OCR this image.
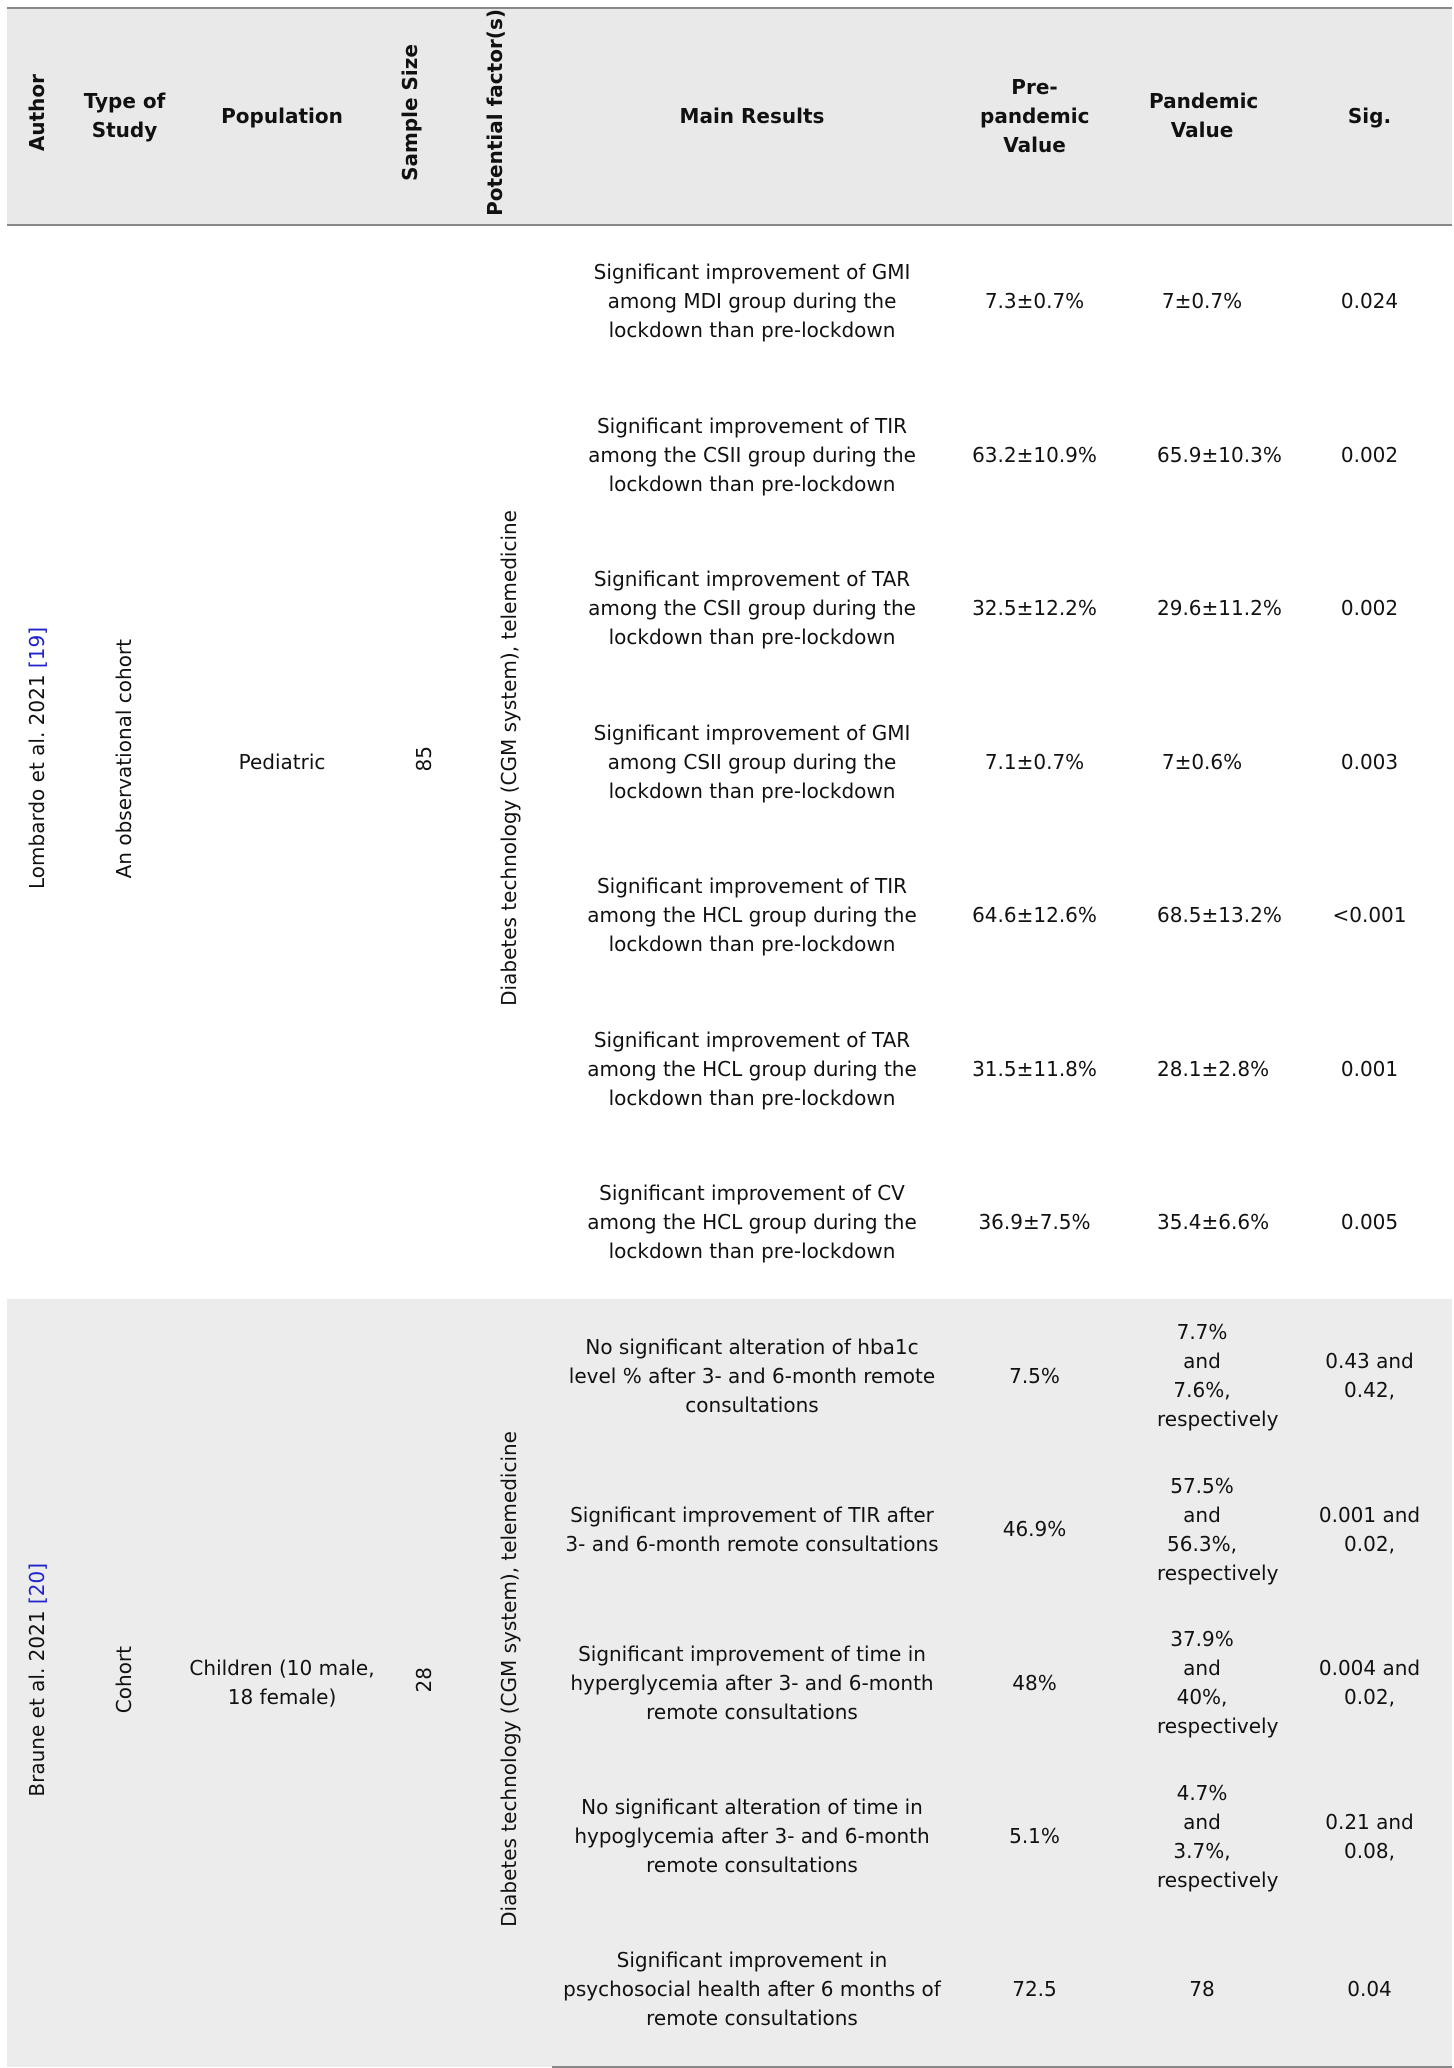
Author	Type of Study	Population	Sample Size	Potential factor(s)	Main Results	Pre-pandemic Value	Pandemic Value	Sig.
Lombardo et al. 2021 [19]	An observational cohort	Pediatric	85	Diabetes technology (CGM system), telemedicine	Significant improvement of GMI among MDI group during the lockdown than pre-lockdown	7.3±0.7%	7±0.7%	0.024
					Significant improvement of TIR among the CSII group during the lockdown than pre-lockdown	63.2±10.9%	65.9±10.3%	0.002
					Significant improvement of TAR among the CSII group during the lockdown than pre-lockdown	32.5±12.2%	29.6±11.2%	0.002
					Significant improvement of GMI among CSII group during the lockdown than pre-lockdown	7.1±0.7%	7±0.6%	0.003
					Significant improvement of TIR among the HCL group during the lockdown than pre-lockdown	64.6±12.6%	68.5±13.2%	<0.001
					Significant improvement of TAR among the HCL group during the lockdown than pre-lockdown	31.5±11.8%	28.1±2.8%	0.001
					Significant improvement of CV among the HCL group during the lockdown than pre-lockdown	36.9±7.5%	35.4±6.6%	0.005
Braune et al. 2021 [20]	Cohort	Children (10 male, 18 female)	28	Diabetes technology (CGM system), telemedicine	No significant alteration of hba1c level % after 3- and 6-month remote consultations	7.5%	7.7% and 7.6%, respectively	0.43 and 0.42,
					Significant improvement of TIR after 3- and 6-month remote consultations	46.9%	57.5% and 56.3%, respectively	0.001 and 0.02,
					Significant improvement of time in hyperglycemia after 3- and 6-month remote consultations	48%	37.9% and 40%, respectively	0.004 and 0.02,
					No significant alteration of time in hypoglycemia after 3- and 6-month remote consultations	5.1%	4.7% and 3.7%, respectively	0.21 and 0.08,
					Significant improvement in psychosocial health after 6 months of remote consultations	72.5	78	0.04
